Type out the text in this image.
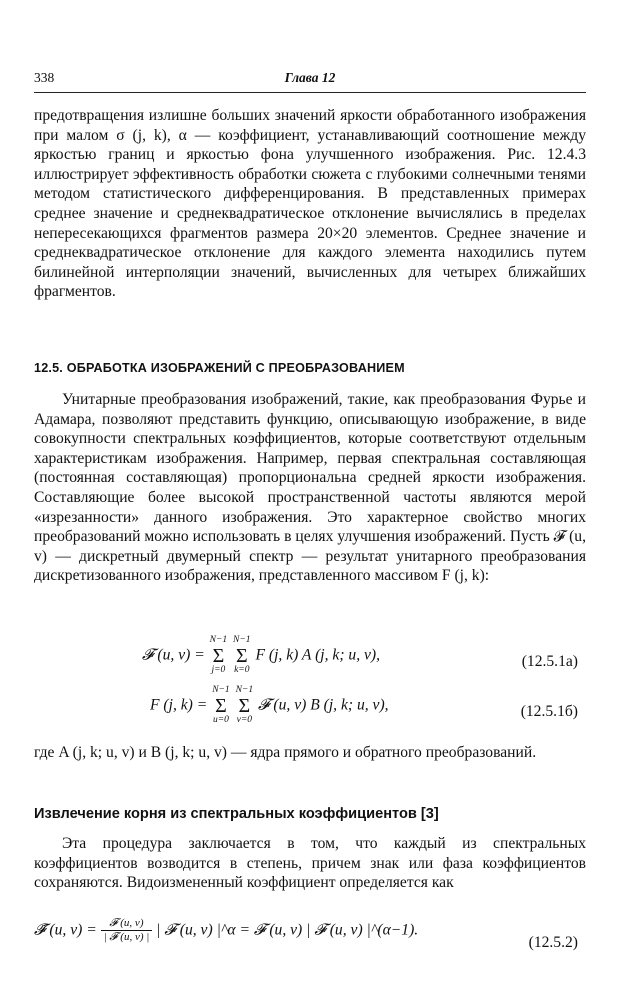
338	Глава 12

предотвращения излишне больших значений яркости обработанного изображения при малом σ (j, k), α — коэффициент, устанавливающий соотношение между яркостью границ и яркостью фона улучшенного изображения. Рис. 12.4.3 иллюстрирует эффективность обработки сюжета с глубокими солнечными тенями методом статистического дифференцирования. В представленных примерах среднее значение и среднеквадратическое отклонение вычислялись в пределах непересекающихся фрагментов размера 20×20 элементов. Среднее значение и среднеквадратическое отклонение для каждого элемента находились путем билинейной интерполяции значений, вычисленных для четырех ближайших фрагментов.

12.5. ОБРАБОТКА ИЗОБРАЖЕНИЙ С ПРЕОБРАЗОВАНИЕМ

Унитарные преобразования изображений, такие, как преобразования Фурье и Адамара, позволяют представить функцию, описывающую изображение, в виде совокупности спектральных коэффициентов, которые соответствуют отдельным характеристикам изображения. Например, первая спектральная составляющая (постоянная составляющая) пропорциональна средней яркости изображения. Составляющие более высокой пространственной частоты являются мерой «изрезанности» данного изображения. Это характерное свойство многих преобразований можно использовать в целях улучшения изображений. Пусть 𝓕 (u, v) — дискретный двумерный спектр — результат унитарного преобразования дискретизованного изображения, представленного массивом F (j, k):

𝓕 (u, v) =
N−1
Σ
j=0

N−1
Σ
k=0
F (j, k) A (j, k; u, v),	(12.5.1а)
F (j, k) =
N−1
Σ
u=0

N−1
Σ
v=0
𝓕 (u, v) B (j, k; u, v),	(12.5.1б)

где A (j, k; u, v) и B (j, k; u, v) — ядра прямого и обратного преобразований.

Извлечение корня из спектральных коэффициентов [3]

Эта процедура заключается в том, что каждый из спектральных коэффициентов возводится в степень, причем знак или фаза коэффициентов сохраняются. Видоизмененный коэффициент определяется как

𝓕̃ (u, $v) = \frac{\text{𝓕 (u, v)}}{\text{| 𝓕 (u, v) |}}$ | 𝓕 (u, v) |^α = 𝓕 (u, v) | 𝓕 (u, v) |^(α−1).
(12.5.2)
